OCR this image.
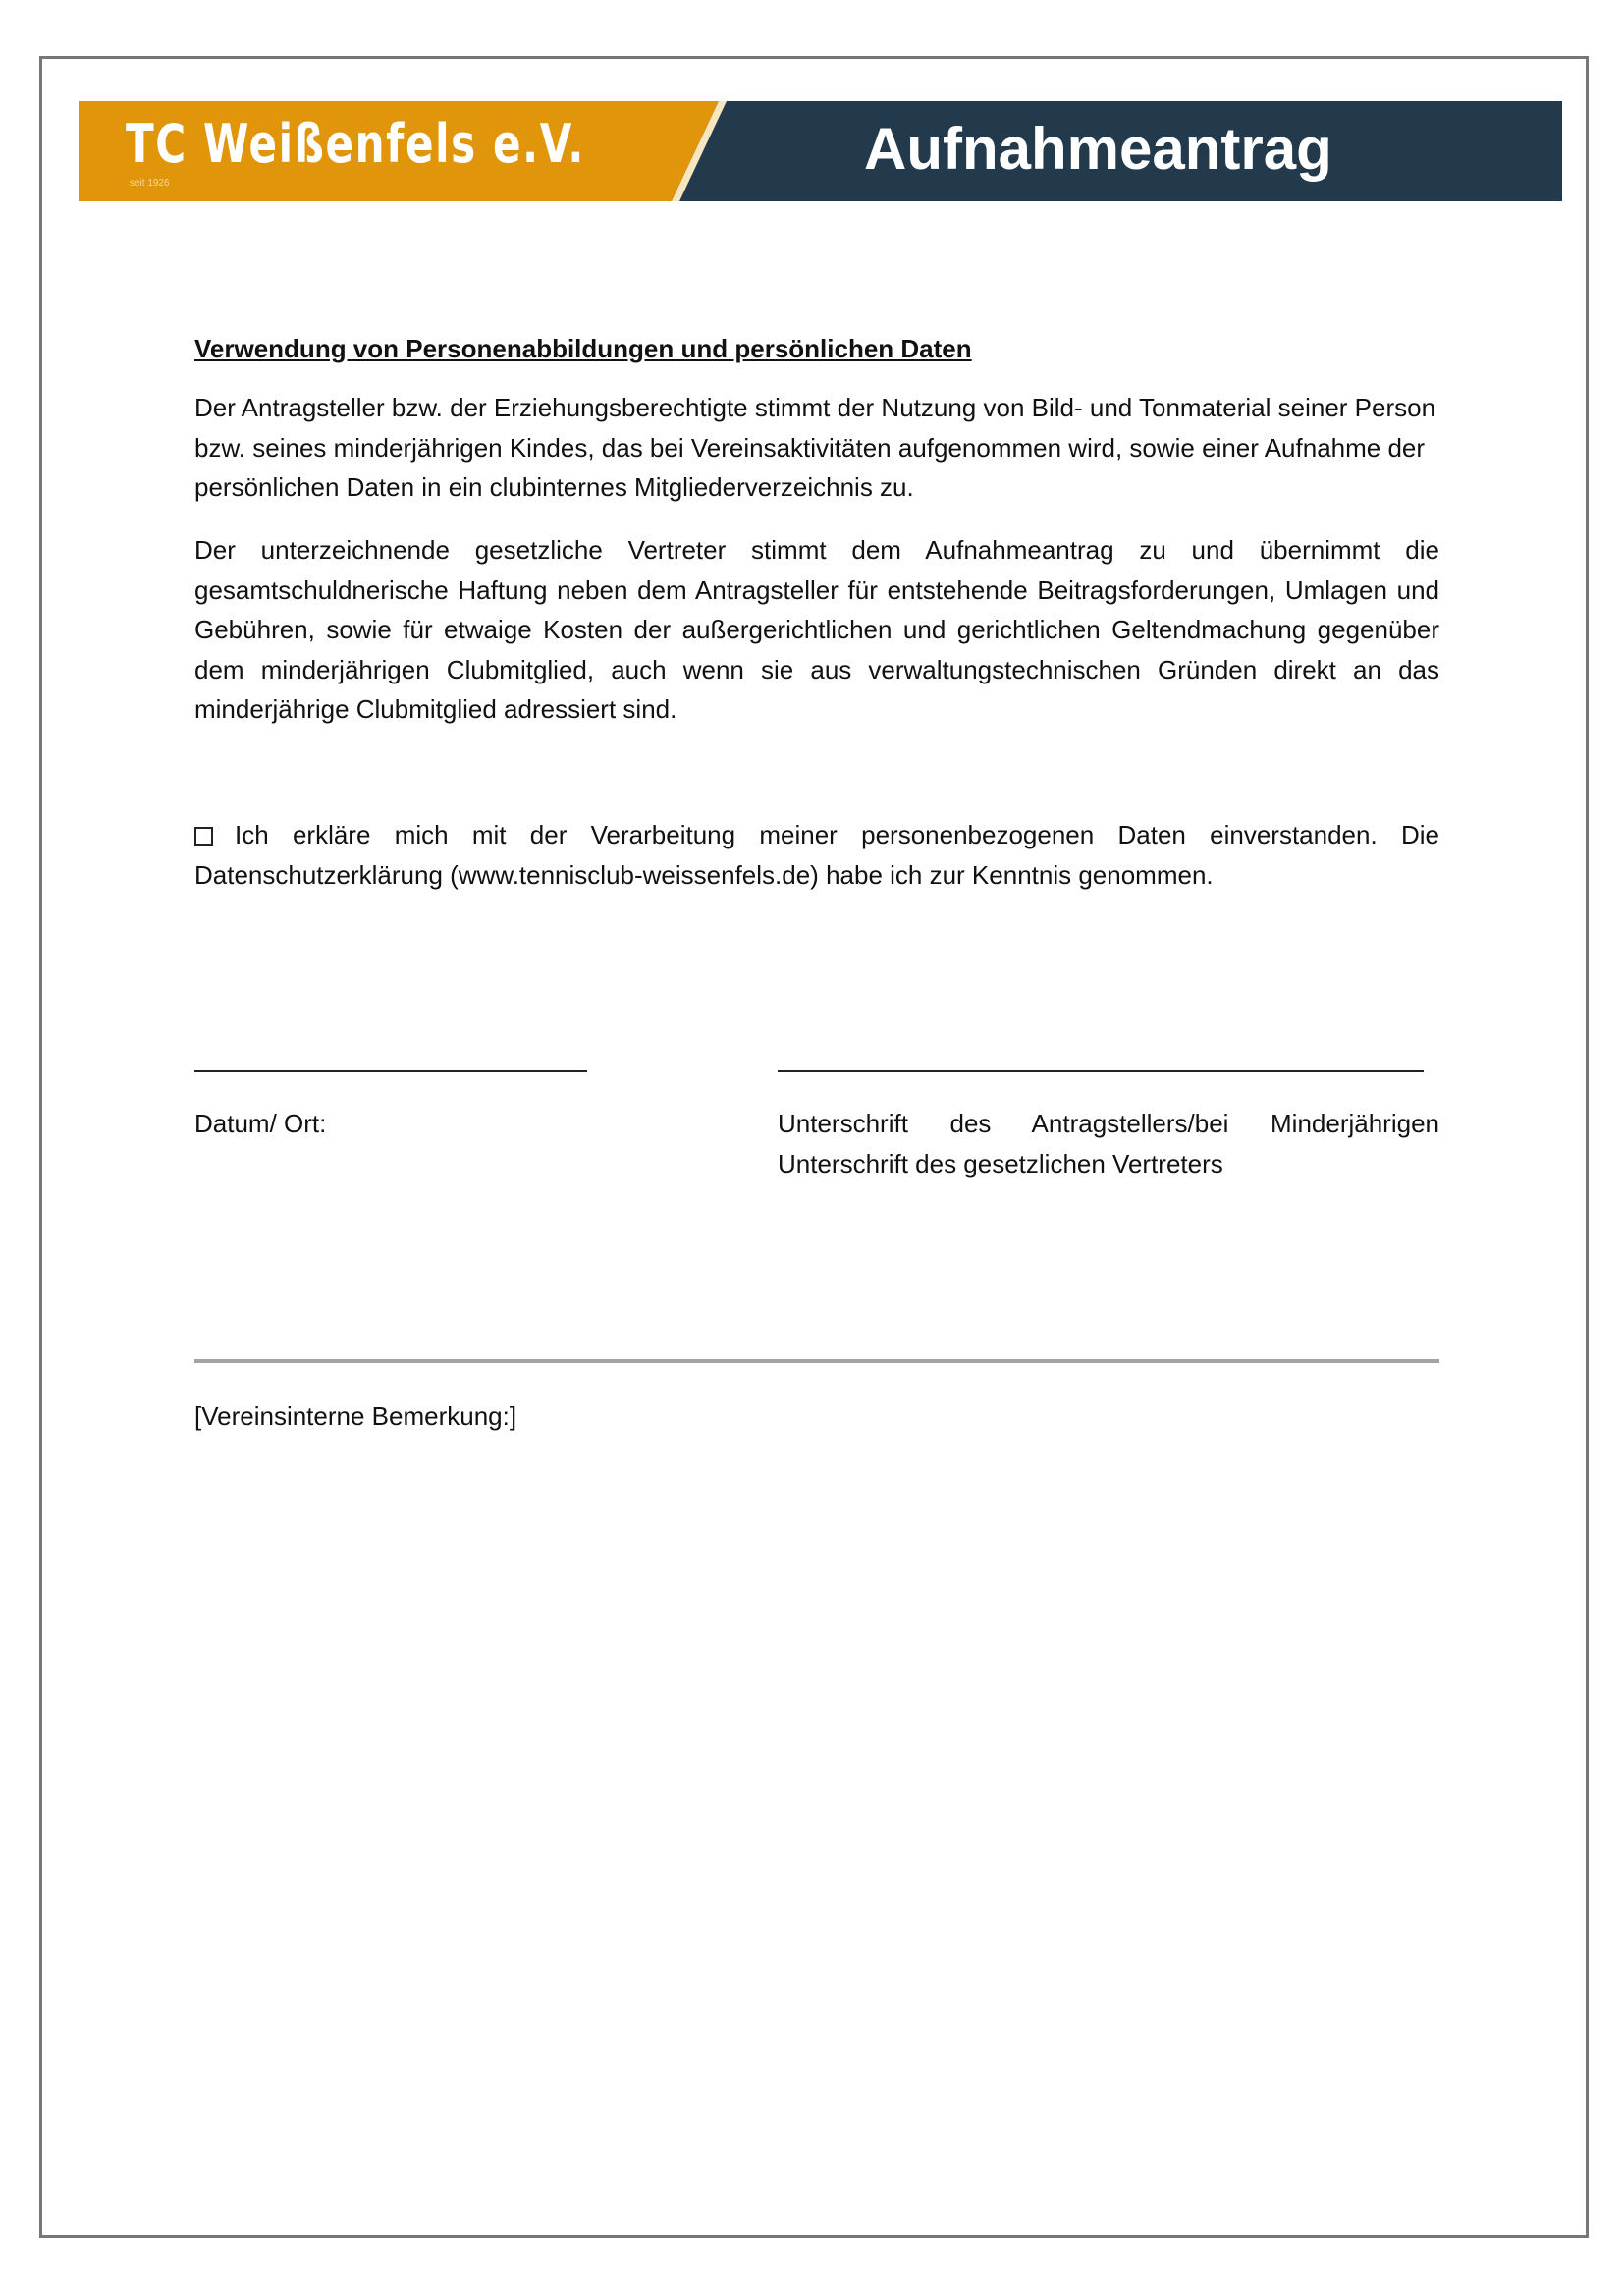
TC Weißenfels e.V.
seit 1926
Aufnahmeantrag
Verwendung von Personenabbildungen und persönlichen Daten
Der Antragsteller bzw. der Erziehungsberechtigte stimmt der Nutzung von Bild- und Tonmaterial seiner Person bzw. seines minderjährigen Kindes, das bei Vereinsaktivitäten aufgenommen wird, sowie einer Aufnahme der persönlichen Daten in ein clubinternes Mitgliederverzeichnis zu.
Der unterzeichnende gesetzliche Vertreter stimmt dem Aufnahmeantrag zu und übernimmt die gesamtschuldnerische Haftung neben dem Antragsteller für entstehende Beitragsforderungen, Umlagen und Gebühren, sowie für etwaige Kosten der außergerichtlichen und gerichtlichen Geltendmachung gegenüber dem minderjährigen Clubmitglied, auch wenn sie aus verwaltungstechnischen Gründen direkt an das minderjährige Clubmitglied adressiert sind.
Ich erkläre mich mit der Verarbeitung meiner personenbezogenen Daten einverstanden. Die Datenschutzerklärung (www.tennisclub-weissenfels.de) habe ich zur Kenntnis genommen.
Datum/ Ort:	Unterschrift des Antragstellers/bei Minderjährigen
Unterschrift des gesetzlichen Vertreters
[Vereinsinterne Bemerkung:]
